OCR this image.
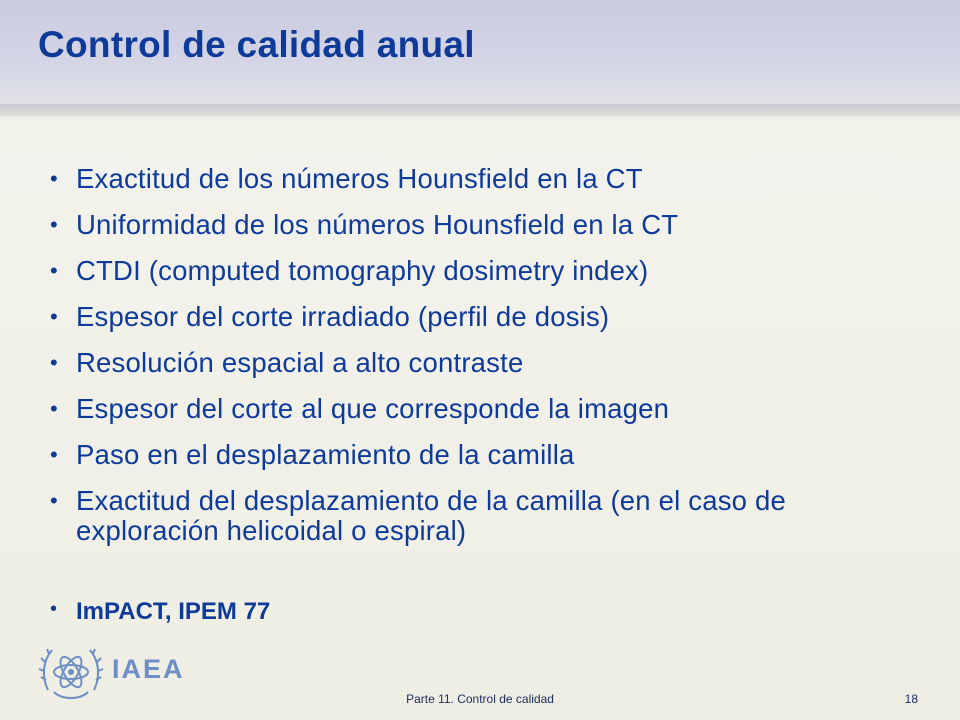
Control de calidad anual
• Exactitud de los números Hounsfield en la CT
• Uniformidad de los números Hounsfield en la CT
• CTDI (computed tomography dosimetry index)
• Espesor del corte irradiado (perfil de dosis)
• Resolución espacial a alto contraste
• Espesor del corte al que corresponde la imagen
• Paso en el desplazamiento de la camilla
• Exactitud del desplazamiento de la camilla (en el caso de exploración helicoidal o espiral)

• ImPACT, IPEM 77

IAEA
Parte 11. Control de calidad	18
